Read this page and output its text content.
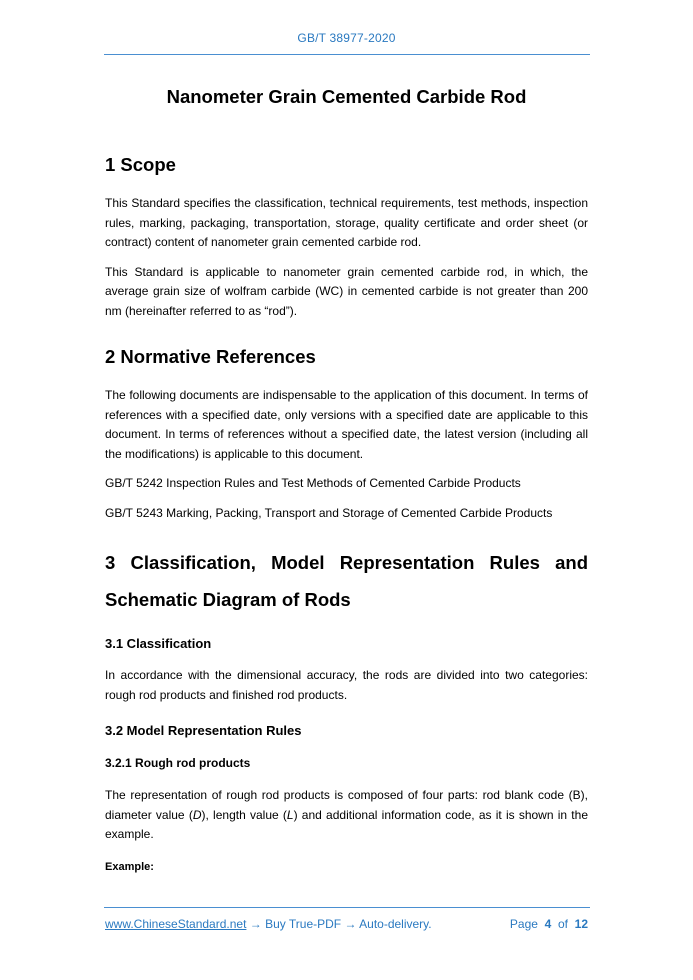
GB/T 38977-2020
Nanometer Grain Cemented Carbide Rod
1 Scope

This Standard specifies the classification, technical requirements, test methods, inspection rules, marking, packaging, transportation, storage, quality certificate and order sheet (or contract) content of nanometer grain cemented carbide rod.

This Standard is applicable to nanometer grain cemented carbide rod, in which, the average grain size of wolfram carbide (WC) in cemented carbide is not greater than 200 nm (hereinafter referred to as “rod”).

2 Normative References

The following documents are indispensable to the application of this document. In terms of references with a specified date, only versions with a specified date are applicable to this document. In terms of references without a specified date, the latest version (including all the modifications) is applicable to this document.

GB/T 5242 Inspection Rules and Test Methods of Cemented Carbide Products

GB/T 5243 Marking, Packing, Transport and Storage of Cemented Carbide Products

3 Classification, Model Representation Rules and
Schematic Diagram of Rods
3.1 Classification

In accordance with the dimensional accuracy, the rods are divided into two categories: rough rod products and finished rod products.

3.2 Model Representation Rules
3.2.1 Rough rod products

The representation of rough rod products is composed of four parts: rod blank code (B), diameter value (D), length value (L) and additional information code, as it is shown in the example.

Example:
www.ChineseStandard.net → Buy True-PDF → Auto-delivery.	Page 4 of 12
